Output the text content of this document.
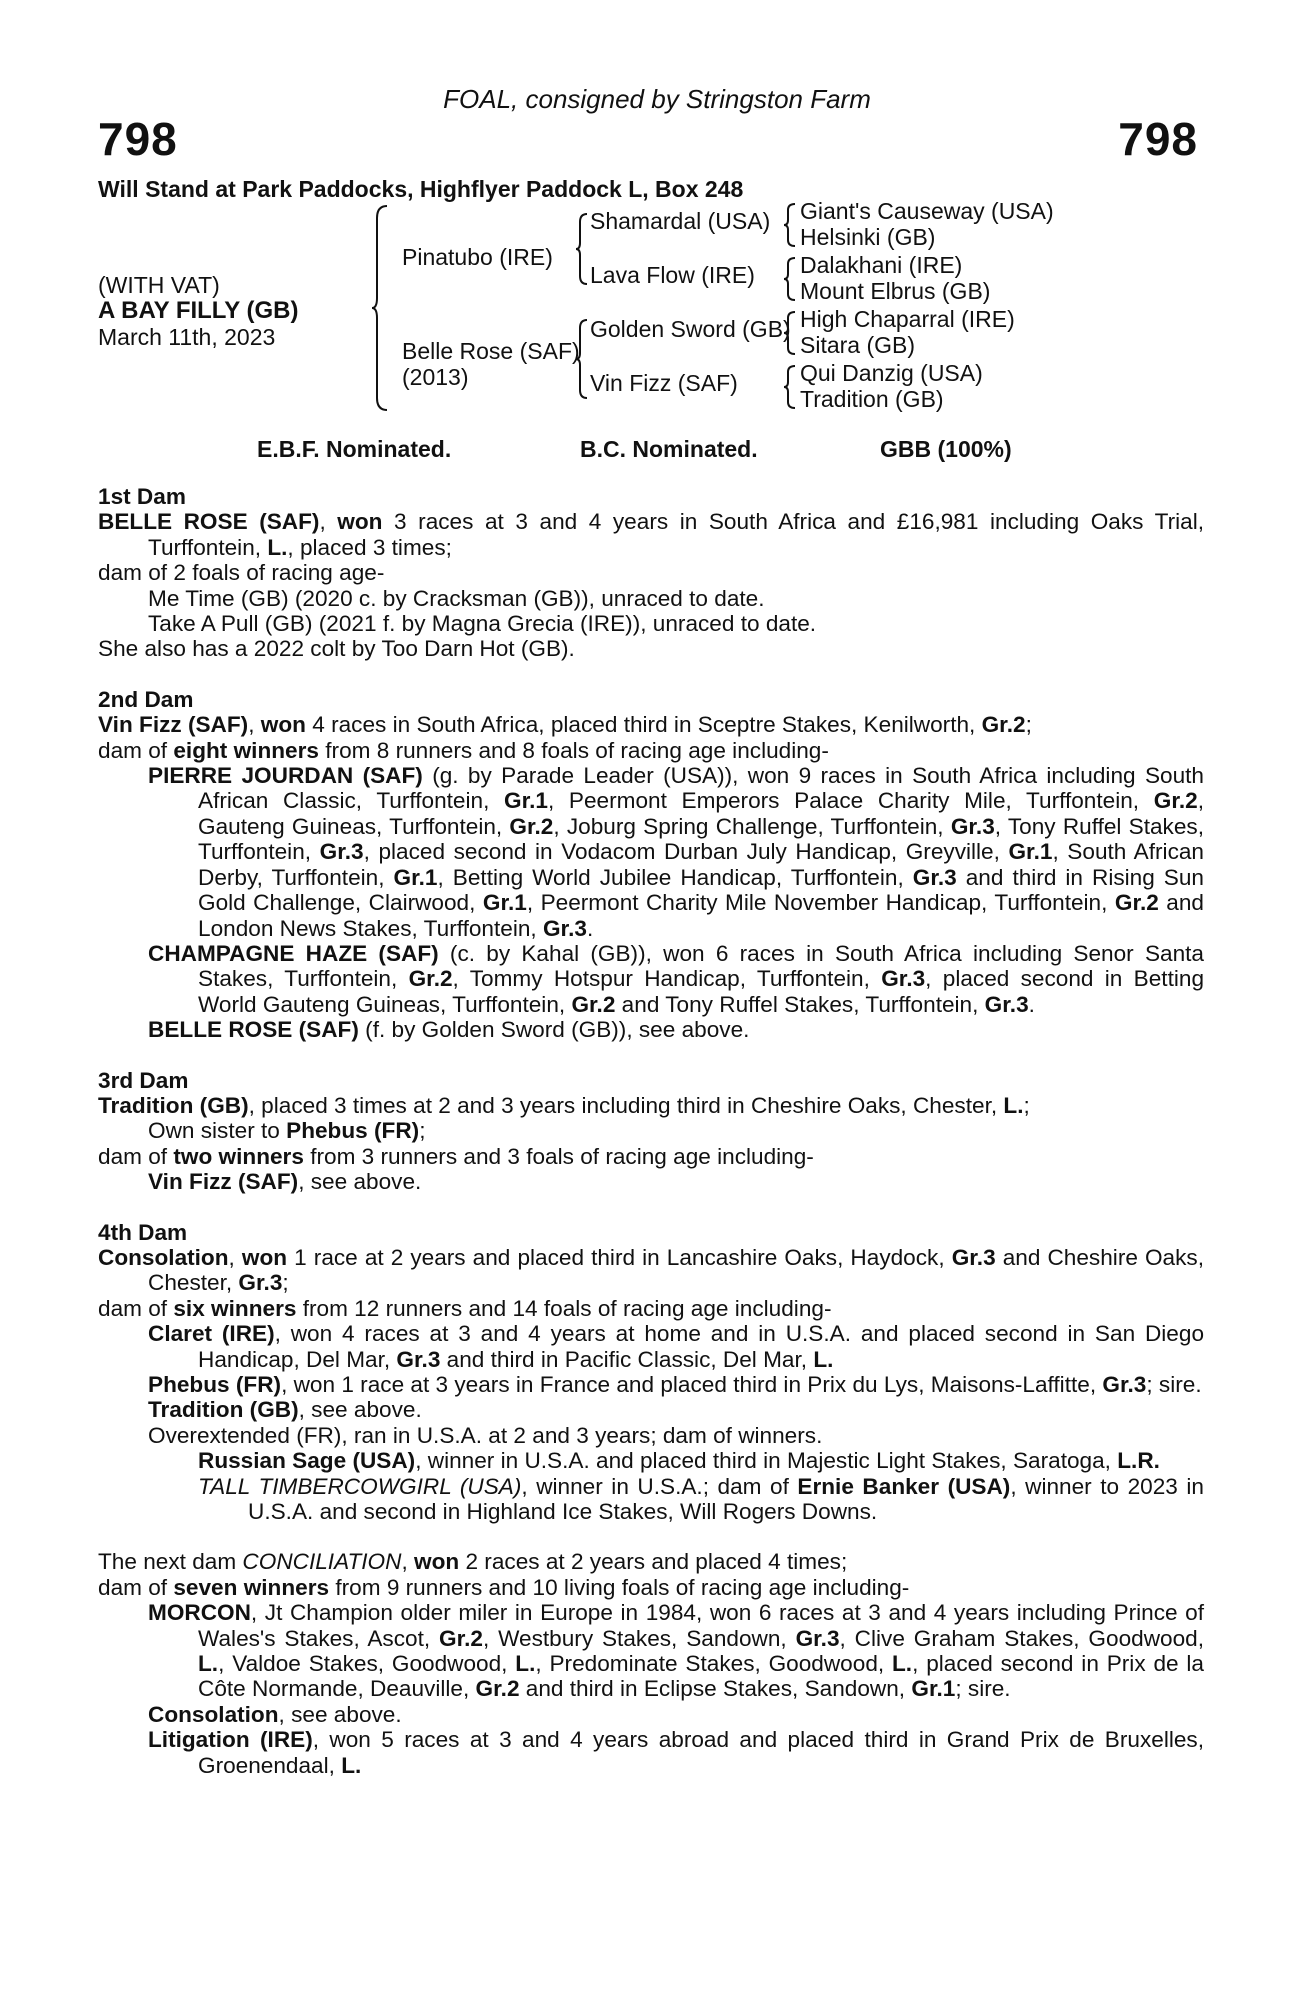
FOAL, consigned by Stringston Farm
798	798
Will Stand at Park Paddocks, Highflyer Paddock L, Box 248
(WITH VAT)
A BAY FILLY (GB)
March 11th, 2023
Pinatubo (IRE)
Belle Rose (SAF)
(2013)
Shamardal (USA)
Lava Flow (IRE)
Golden Sword (GB)
Vin Fizz (SAF)
Giant's Causeway (USA)
Helsinki (GB)
Dalakhani (IRE)
Mount Elbrus (GB)
High Chaparral (IRE)
Sitara (GB)
Qui Danzig (USA)
Tradition (GB)
E.B.F. Nominated.	B.C. Nominated.	GBB (100%)

1st Dam

BELLE ROSE (SAF), won 3 races at 3 and 4 years in South Africa and £16,981 including Oaks Trial, Turffontein, L., placed 3 times;

dam of 2 foals of racing age-

Me Time (GB) (2020 c. by Cracksman (GB)), unraced to date.

Take A Pull (GB) (2021 f. by Magna Grecia (IRE)), unraced to date.

She also has a 2022 colt by Too Darn Hot (GB).

2nd Dam

Vin Fizz (SAF), won 4 races in South Africa, placed third in Sceptre Stakes, Kenilworth, Gr.2;

dam of eight winners from 8 runners and 8 foals of racing age including-

PIERRE JOURDAN (SAF) (g. by Parade Leader (USA)), won 9 races in South Africa including South African Classic, Turffontein, Gr.1, Peermont Emperors Palace Charity Mile, Turffontein, Gr.2, Gauteng Guineas, Turffontein, Gr.2, Joburg Spring Challenge, Turffontein, Gr.3, Tony Ruffel Stakes, Turffontein, Gr.3, placed second in Vodacom Durban July Handicap, Greyville, Gr.1, South African Derby, Turffontein, Gr.1, Betting World Jubilee Handicap, Turffontein, Gr.3 and third in Rising Sun Gold Challenge, Clairwood, Gr.1, Peermont Charity Mile November Handicap, Turffontein, Gr.2 and London News Stakes, Turffontein, Gr.3.

CHAMPAGNE HAZE (SAF) (c. by Kahal (GB)), won 6 races in South Africa including Senor Santa Stakes, Turffontein, Gr.2, Tommy Hotspur Handicap, Turffontein, Gr.3, placed second in Betting World Gauteng Guineas, Turffontein, Gr.2 and Tony Ruffel Stakes, Turffontein, Gr.3.

BELLE ROSE (SAF) (f. by Golden Sword (GB)), see above.

3rd Dam

Tradition (GB), placed 3 times at 2 and 3 years including third in Cheshire Oaks, Chester, L.;

Own sister to Phebus (FR);

dam of two winners from 3 runners and 3 foals of racing age including-

Vin Fizz (SAF), see above.

4th Dam

Consolation, won 1 race at 2 years and placed third in Lancashire Oaks, Haydock, Gr.3 and Cheshire Oaks, Chester, Gr.3;

dam of six winners from 12 runners and 14 foals of racing age including-

Claret (IRE), won 4 races at 3 and 4 years at home and in U.S.A. and placed second in San Diego Handicap, Del Mar, Gr.3 and third in Pacific Classic, Del Mar, L.

Phebus (FR), won 1 race at 3 years in France and placed third in Prix du Lys, Maisons-Laffitte, Gr.3; sire.

Tradition (GB), see above.

Overextended (FR), ran in U.S.A. at 2 and 3 years; dam of winners.

Russian Sage (USA), winner in U.S.A. and placed third in Majestic Light Stakes, Saratoga, L.R.

TALL TIMBERCOWGIRL (USA), winner in U.S.A.; dam of Ernie Banker (USA), winner to 2023 in U.S.A. and second in Highland Ice Stakes, Will Rogers Downs.

The next dam CONCILIATION, won 2 races at 2 years and placed 4 times;

dam of seven winners from 9 runners and 10 living foals of racing age including-

MORCON, Jt Champion older miler in Europe in 1984, won 6 races at 3 and 4 years including Prince of Wales's Stakes, Ascot, Gr.2, Westbury Stakes, Sandown, Gr.3, Clive Graham Stakes, Goodwood, L., Valdoe Stakes, Goodwood, L., Predominate Stakes, Goodwood, L., placed second in Prix de la Côte Normande, Deauville, Gr.2 and third in Eclipse Stakes, Sandown, Gr.1; sire.

Consolation, see above.

Litigation (IRE), won 5 races at 3 and 4 years abroad and placed third in Grand Prix de Bruxelles, Groenendaal, L.
